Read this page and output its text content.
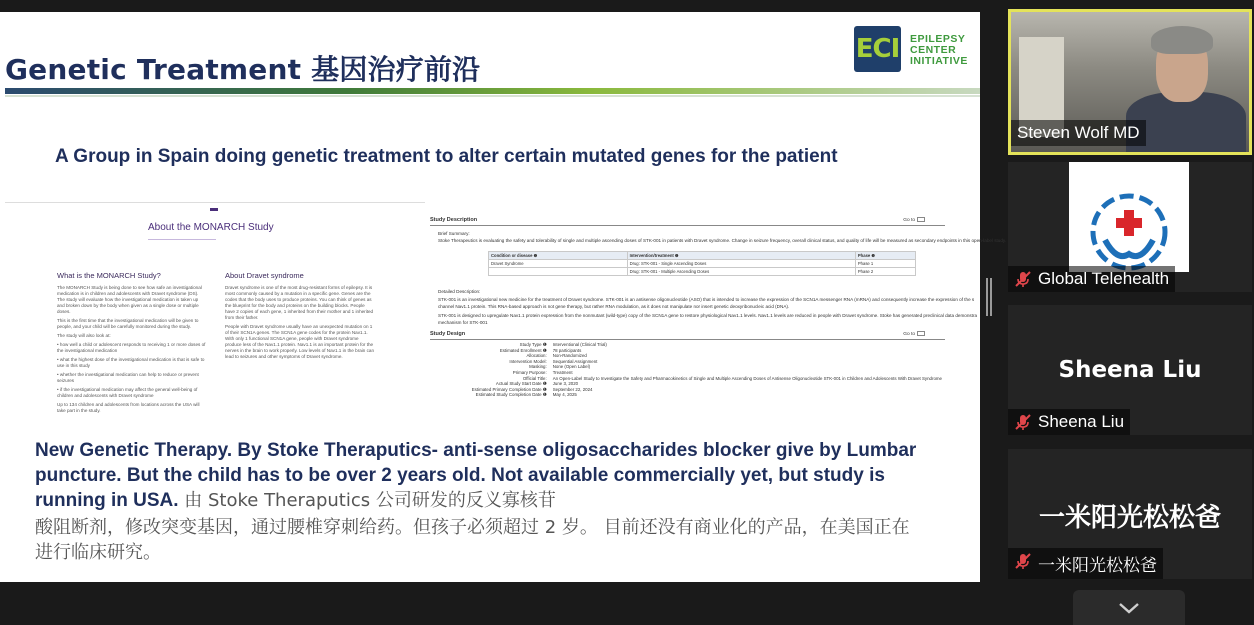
Genetic Treatment 基因治疗前沿
ECI EPILEPSY
CENTER
INITIATIVE
A Group in Spain doing genetic treatment to alter certain mutated genes for the patient
About the MONARCH Study
What is the MONARCH Study?

The MONARCH Study is being done to see how safe an investigational medication is in children and adolescents with Dravet syndrome (DS). The study will evaluate how the investigational medication is taken up and broken down by the body when given as a single dose or multiple doses.

This is the first time that the investigational medication will be given to people, and your child will be carefully monitored during the study.

The study will also look at:

• how well a child or adolescent responds to receiving 1 or more doses of the investigational medication

• what the highest dose of the investigational medication is that is safe to use in this study

• whether the investigational medication can help to reduce or prevent seizures

• if the investigational medication may affect the general well-being of children and adolescents with Dravet syndrome

Up to 134 children and adolescents from locations across the USA will take part in the study.

About Dravet syndrome

Dravet syndrome is one of the most drug-resistant forms of epilepsy. It is most commonly caused by a mutation in a specific gene. Genes are the codes that the body uses to produce proteins. You can think of genes as the blueprint for the body and proteins on the building blocks. People have 2 copies of each gene, 1 inherited from their mother and 1 inherited from their father.

People with Dravet syndrome usually have an unexpected mutation on 1 of their SCN1A genes. The SCN1A gene codes for the protein Nav1.1. With only 1 functional SCN1A gene, people with Dravet syndrome produce less of the Nav1.1 protein. Nav1.1 is an important protein for the nerves in the brain to work properly. Low levels of Nav1.1 in the brain can lead to seizures and other symptoms of Dravet syndrome.

Study Description	Go to
Brief Summary:
Stoke Therapeutics is evaluating the safety and tolerability of single and multiple ascending doses of STK-001 in patients with Dravet syndrome. Change in seizure frequency, overall clinical status, and quality of life will be measured as secondary endpoints in this open-label study.
Condition or disease ❶	Intervention/treatment ❶	Phase ❶
Dravet Syndrome	Drug: STK-001 - Single Ascending Doses	Phase 1
	Drug: STK-001 - Multiple Ascending Doses	Phase 2
Detailed Description:
STK-001 is an investigational new medicine for the treatment of Dravet syndrome. STK-001 is an antisense oligonucleotide (ASO) that is intended to increase the expression of the SCN1A messenger RNA (mRNA) and consequently increase the expression of the s
channel Nav1.1 protein. This RNA-based approach is not gene therapy, but rather RNA modulation, as it does not manipulate nor insert genetic deoxyribonucleic acid (DNA).
STK-001 is designed to upregulate Nav1.1 protein expression from the nonmutant (wild-type) copy of the SCN1A gene to restore physiological Nav1.1 levels. Nav1.1 levels are reduced in people with Dravet syndrome. Stoke has generated preclinical data demonstra
mechanism for STK-001
Study Design	Go to
Study Type ❶	Interventional (Clinical Trial)
Estimated Enrollment ❶	78 participants
Allocation:	Non-Randomized
Intervention Model:	Sequential Assignment
Masking:	None (Open Label)
Primary Purpose:	Treatment
Official Title:	An Open-Label Study to Investigate the Safety and Pharmacokinetics of Single and Multiple Ascending Doses of Antisense Oligonucleotide STK-001 in Children and Adolescents With Dravet Syndrome
Actual Study Start Date ❶	June 3, 2020
Estimated Primary Completion Date ❶	September 22, 2024
Estimated Study Completion Date ❶	May 4, 2025
New Genetic Therapy. By Stoke Theraputics- anti-sense oligosaccharides blocker give by Lumbar puncture. But the child has to be over 2 years old. Not available commercially yet, but study is running in USA. 由 Stoke Theraputics 公司研发的反义寡核苷
酸阻断剂，修改突变基因，通过腰椎穿刺给药。但孩子必须超过 2 岁。 目前还没有商业化的产品，在美国正在进行临床研究。
Steven Wolf MD
Global Telehealth
Sheena Liu
Sheena Liu
一米阳光松松爸
一米阳光松松爸
